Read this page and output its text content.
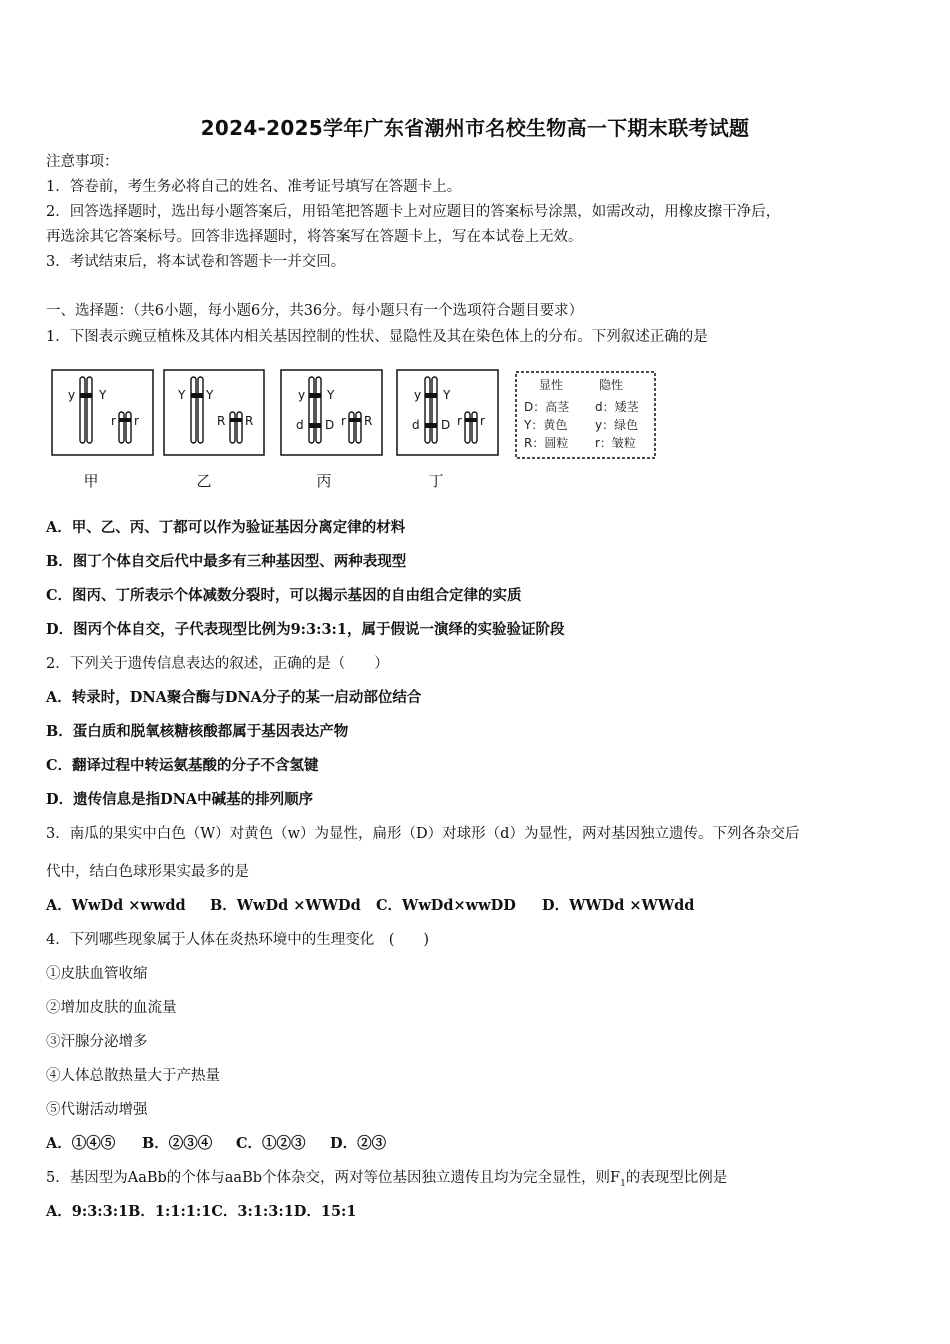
2024-2025学年广东省潮州市名校生物高一下期末联考试题
注意事项：
1．答卷前，考生务必将自己的姓名、准考证号填写在答题卡上。
2．回答选择题时，选出每小题答案后，用铅笔把答题卡上对应题目的答案标号涂黑，如需改动，用橡皮擦干净后，
再选涂其它答案标号。回答非选择题时，将答案写在答题卡上，写在本试卷上无效。
3．考试结束后，将本试卷和答题卡一并交回。
一、选择题：（共6小题，每小题6分，共36分。每小题只有一个选项符合题目要求）
1．下图表示豌豆植株及其体内相关基因控制的性状、显隐性及其在染色体上的分布。下列叙述正确的是
y Y
r r
Y Y
R R	d D
y Y
r R	d D
y Y
r r
甲	乙	丙	丁
显性	隐性
D：高茎 d：矮茎
Y：黄色 y：绿色
R：圆粒 r：皱粒
A．甲、乙、丙、丁都可以作为验证基因分离定律的材料
B．图丁个体自交后代中最多有三种基因型、两种表现型
C．图丙、丁所表示个体减数分裂时，可以揭示基因的自由组合定律的实质
D．图丙个体自交，子代表现型比例为9:3:3:1，属于假说一演绎的实验验证阶段
2．下列关于遗传信息表达的叙述，正确的是（　　）
A．转录时，DNA聚合酶与DNA分子的某一启动部位结合
B．蛋白质和脱氧核糖核酸都属于基因表达产物
C．翻译过程中转运氨基酸的分子不含氢键
D．遗传信息是指DNA中碱基的排列顺序
3．南瓜的果实中白色（W）对黄色（w）为显性，扁形（D）对球形（d）为显性，两对基因独立遗传。下列各杂交后
代中，结白色球形果实最多的是
A．WwDd ×wwdd B．WwDd ×WWDd C．WwDd×wwDD D．WWDd ×WWdd
4．下列哪些现象属于人体在炎热环境中的生理变化　(　　)
①皮肤血管收缩
②增加皮肤的血流量
③汗腺分泌增多
④人体总散热量大于产热量
⑤代谢活动增强
A．①④⑤ B．②③④ C．①②③ D．②③
5．基因型为AaBb的个体与aaBb个体杂交，两对等位基因独立遗传且均为完全显性，则$F_1$的表现型比例是
A．9:3:3:1B．1:1:1:1C．3:1:3:1D．15:1
